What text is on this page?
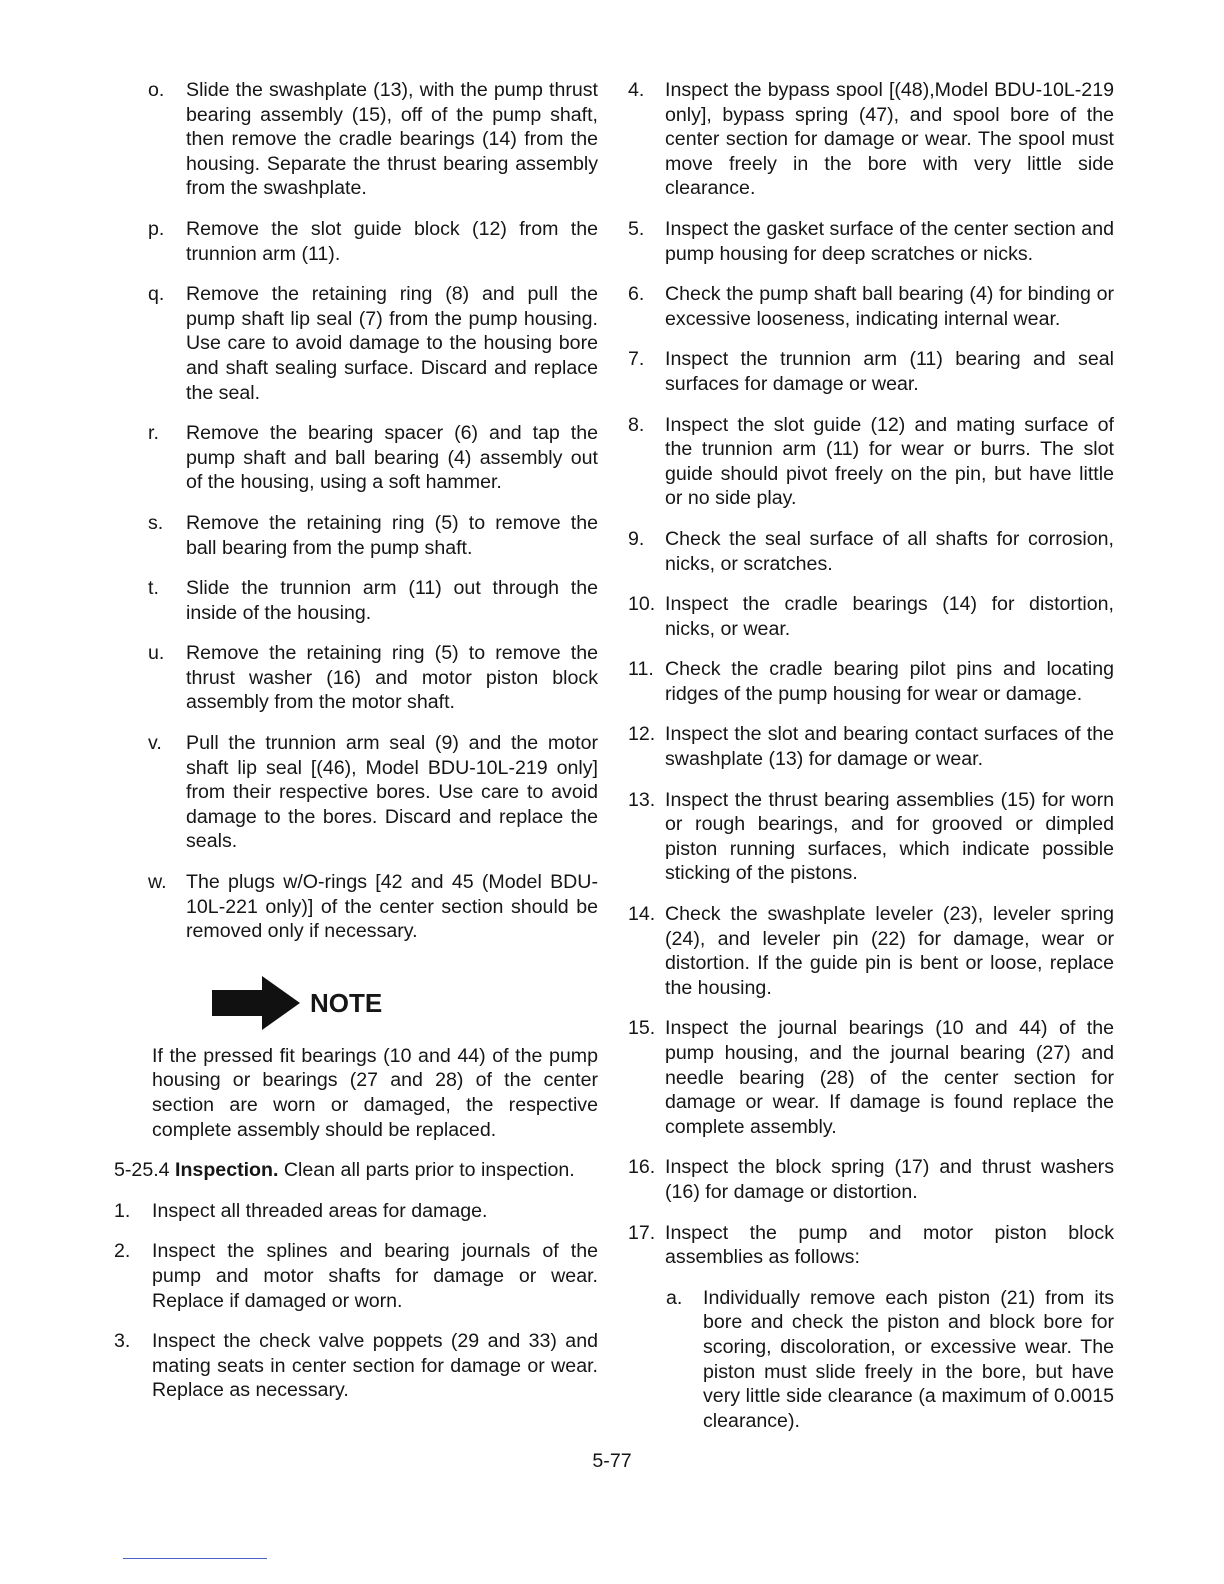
o. Slide the swashplate (13), with the pump thrust bearing assembly (15), off of the pump shaft, then remove the cradle bearings (14) from the housing. Separate the thrust bearing assembly from the swashplate.
p. Remove the slot guide block (12) from the trunnion arm (11).
q. Remove the retaining ring (8) and pull the pump shaft lip seal (7) from the pump housing. Use care to avoid damage to the housing bore and shaft sealing surface. Discard and replace the seal.
r. Remove the bearing spacer (6) and tap the pump shaft and ball bearing (4) assembly out of the housing, using a soft hammer.
s. Remove the retaining ring (5) to remove the ball bearing from the pump shaft.
t. Slide the trunnion arm (11) out through the inside of the housing.
u. Remove the retaining ring (5) to remove the thrust washer (16) and motor piston block assembly from the motor shaft.
v. Pull the trunnion arm seal (9) and the motor shaft lip seal [(46), Model BDU-10L-219 only] from their respective bores. Use care to avoid damage to the bores. Discard and replace the seals.
w. The plugs w/O-rings [42 and 45 (Model BDU-10L-221 only)] of the center section should be removed only if necessary.
NOTE
If the pressed fit bearings (10 and 44) of the pump housing or bearings (27 and 28) of the center section are worn or damaged, the respective complete assembly should be replaced.
5-25.4 Inspection. Clean all parts prior to inspection.
1. Inspect all threaded areas for damage.
2. Inspect the splines and bearing journals of the pump and motor shafts for damage or wear. Replace if damaged or worn.
3. Inspect the check valve poppets (29 and 33) and mating seats in center section for damage or wear. Replace as necessary.
4. Inspect the bypass spool [(48),Model BDU-10L-219 only], bypass spring (47), and spool bore of the center section for damage or wear. The spool must move freely in the bore with very little side clearance.
5. Inspect the gasket surface of the center section and pump housing for deep scratches or nicks.
6. Check the pump shaft ball bearing (4) for binding or excessive looseness, indicating internal wear.
7. Inspect the trunnion arm (11) bearing and seal surfaces for damage or wear.
8. Inspect the slot guide (12) and mating surface of the trunnion arm (11) for wear or burrs. The slot guide should pivot freely on the pin, but have little or no side play.
9. Check the seal surface of all shafts for corrosion, nicks, or scratches.
10. Inspect the cradle bearings (14) for distortion, nicks, or wear.
11. Check the cradle bearing pilot pins and locating ridges of the pump housing for wear or damage.
12. Inspect the slot and bearing contact surfaces of the swashplate (13) for damage or wear.
13. Inspect the thrust bearing assemblies (15) for worn or rough bearings, and for grooved or dimpled piston running surfaces, which indicate possible sticking of the pistons.
14. Check the swashplate leveler (23), leveler spring (24), and leveler pin (22) for damage, wear or distortion. If the guide pin is bent or loose, replace the housing.
15. Inspect the journal bearings (10 and 44) of the pump housing, and the journal bearing (27) and needle bearing (28) of the center section for damage or wear. If damage is found replace the complete assembly.
16. Inspect the block spring (17) and thrust washers (16) for damage or distortion.
17. Inspect the pump and motor piston block assemblies as follows:
a. Individually remove each piston (21) from its bore and check the piston and block bore for scoring, discoloration, or excessive wear. The piston must slide freely in the bore, but have very little side clearance (a maximum of 0.0015 clearance).
5-77
